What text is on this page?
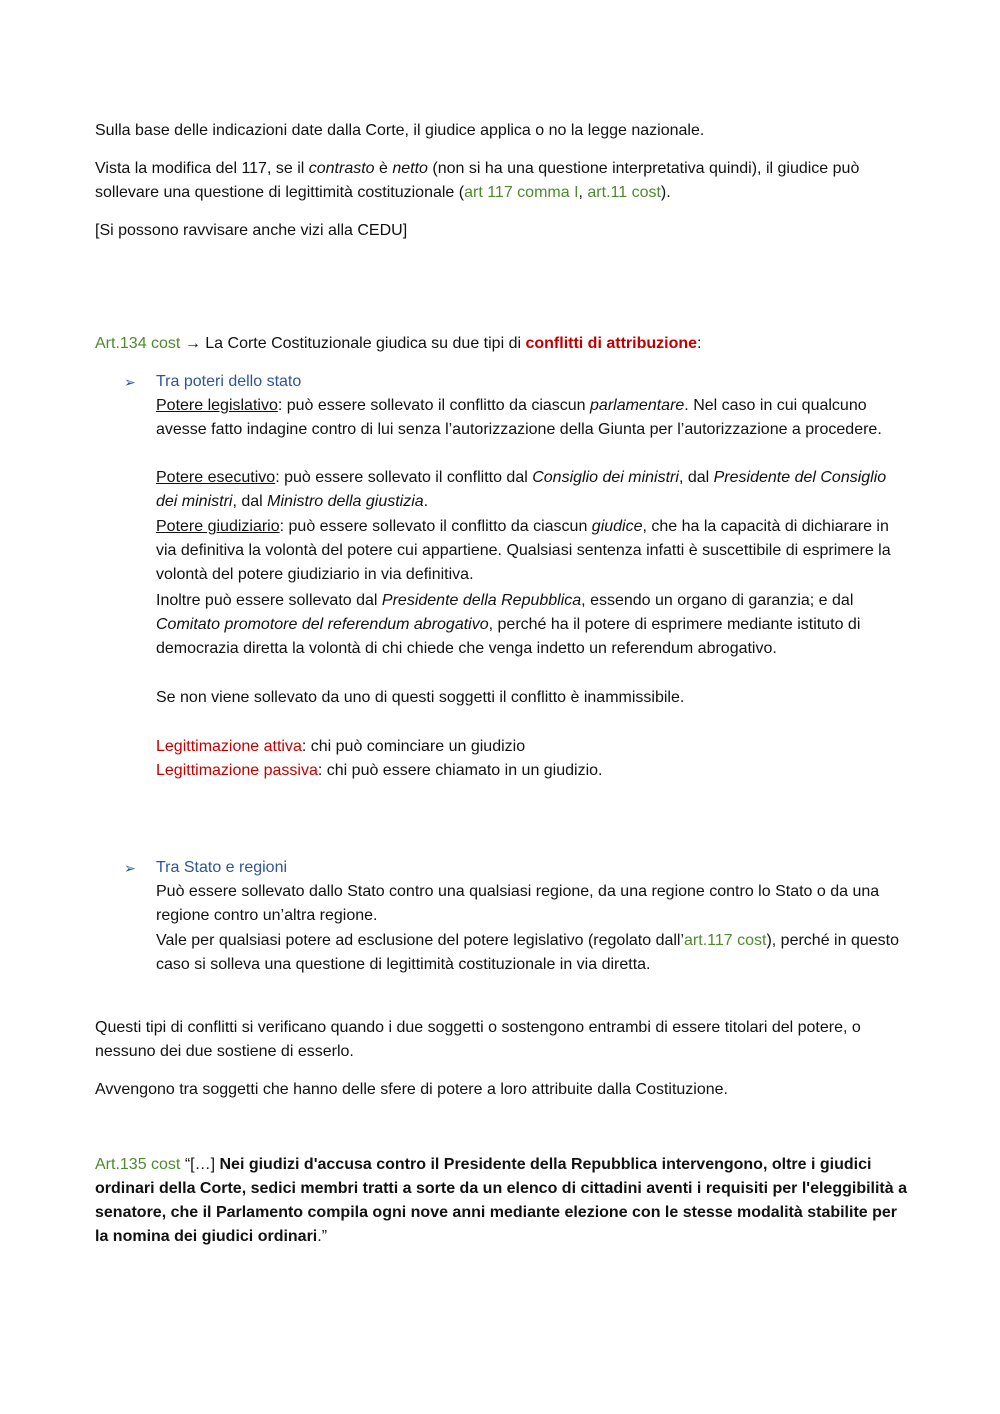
Sulla base delle indicazioni date dalla Corte, il giudice applica o no la legge nazionale.

Vista la modifica del 117, se il contrasto è netto (non si ha una questione interpretativa quindi), il giudice può sollevare una questione di legittimità costituzionale (art 117 comma I, art.11 cost).

[Si possono ravvisare anche vizi alla CEDU]

Art.134 cost → La Corte Costituzionale giudica su due tipi di conflitti di attribuzione:

➢ Tra poteri dello stato
Potere legislativo: può essere sollevato il conflitto da ciascun parlamentare. Nel caso in cui qualcuno avesse fatto indagine contro di lui senza l’autorizzazione della Giunta per l’autorizzazione a procedere.
Potere esecutivo: può essere sollevato il conflitto dal Consiglio dei ministri, dal Presidente del Consiglio dei ministri, dal Ministro della giustizia.
Potere giudiziario: può essere sollevato il conflitto da ciascun giudice, che ha la capacità di dichiarare in via definitiva la volontà del potere cui appartiene. Qualsiasi sentenza infatti è suscettibile di esprimere la volontà del potere giudiziario in via definitiva.
Inoltre può essere sollevato dal Presidente della Repubblica, essendo un organo di garanzia; e dal Comitato promotore del referendum abrogativo, perché ha il potere di esprimere mediante istituto di democrazia diretta la volontà di chi chiede che venga indetto un referendum abrogativo.
Se non viene sollevato da uno di questi soggetti il conflitto è inammissibile.
Legittimazione attiva: chi può cominciare un giudizio
Legittimazione passiva: chi può essere chiamato in un giudizio.
➢ Tra Stato e regioni
Può essere sollevato dallo Stato contro una qualsiasi regione, da una regione contro lo Stato o da una regione contro un’altra regione.
Vale per qualsiasi potere ad esclusione del potere legislativo (regolato dall’art.117 cost), perché in questo caso si solleva una questione di legittimità costituzionale in via diretta.

Questi tipi di conflitti si verificano quando i due soggetti o sostengono entrambi di essere titolari del potere, o nessuno dei due sostiene di esserlo.

Avvengono tra soggetti che hanno delle sfere di potere a loro attribuite dalla Costituzione.

Art.135 cost “[…] Nei giudizi d'accusa contro il Presidente della Repubblica intervengono, oltre i giudici ordinari della Corte, sedici membri tratti a sorte da un elenco di cittadini aventi i requisiti per l'eleggibilità a senatore, che il Parlamento compila ogni nove anni mediante elezione con le stesse modalità stabilite per la nomina dei giudici ordinari.”
